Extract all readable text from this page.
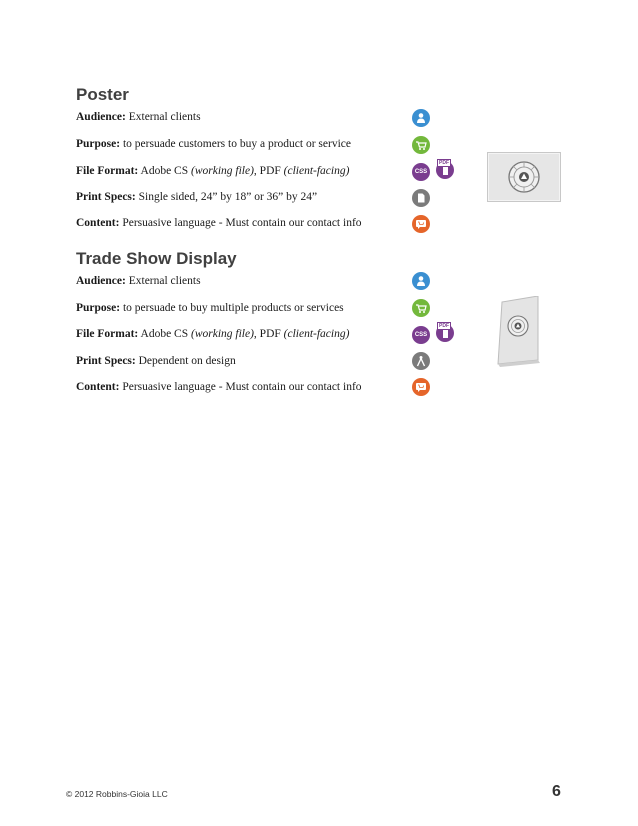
Poster
Audience: External clients
Purpose: to persuade customers to buy a product or service
File Format: Adobe CS (working file), PDF (client-facing)
Print Specs: Single sided, 24” by 18” or 36” by 24”
Content: Persuasive language - Must contain our contact info
CSS
PDF
Trade Show Display
Audience: External clients
Purpose: to persuade to buy multiple products or services
File Format: Adobe CS (working file), PDF (client-facing)
Print Specs: Dependent on design
Content: Persuasive language - Must contain our contact info
CSS
PDF
© 2012 Robbins-Gioia LLC	6
